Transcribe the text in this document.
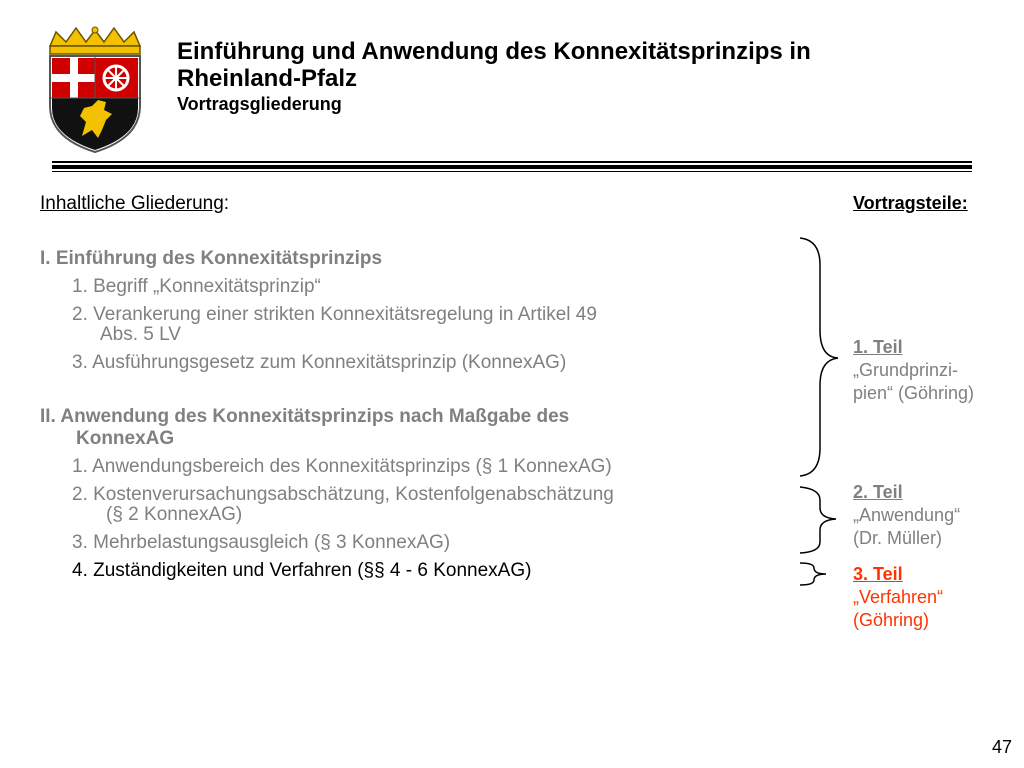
Einführung und Anwendung des Konnexitätsprinzips in Rheinland-Pfalz
Vortragsgliederung
Inhaltliche Gliederung:
I. Einführung des Konnexitätsprinzips
1. Begriff „Konnexitätsprinzip“
2. Verankerung einer strikten Konnexitätsregelung in Artikel 49
Abs. 5 LV
3. Ausführungsgesetz zum Konnexitätsprinzip (KonnexAG)
II. Anwendung des Konnexitätsprinzips nach Maßgabe des
KonnexAG
1. Anwendungsbereich des Konnexitätsprinzips (§ 1 KonnexAG)
2. Kostenverursachungsabschätzung, Kostenfolgenabschätzung
(§ 2 KonnexAG)
3. Mehrbelastungsausgleich (§ 3 KonnexAG)
4. Zuständigkeiten und Verfahren (§§ 4 - 6 KonnexAG)
Vortragsteile:
1. Teil
„Grundprinzi-
pien“ (Göhring)
2. Teil
„Anwendung“
(Dr. Müller)
3. Teil
„Verfahren“
(Göhring)
47
